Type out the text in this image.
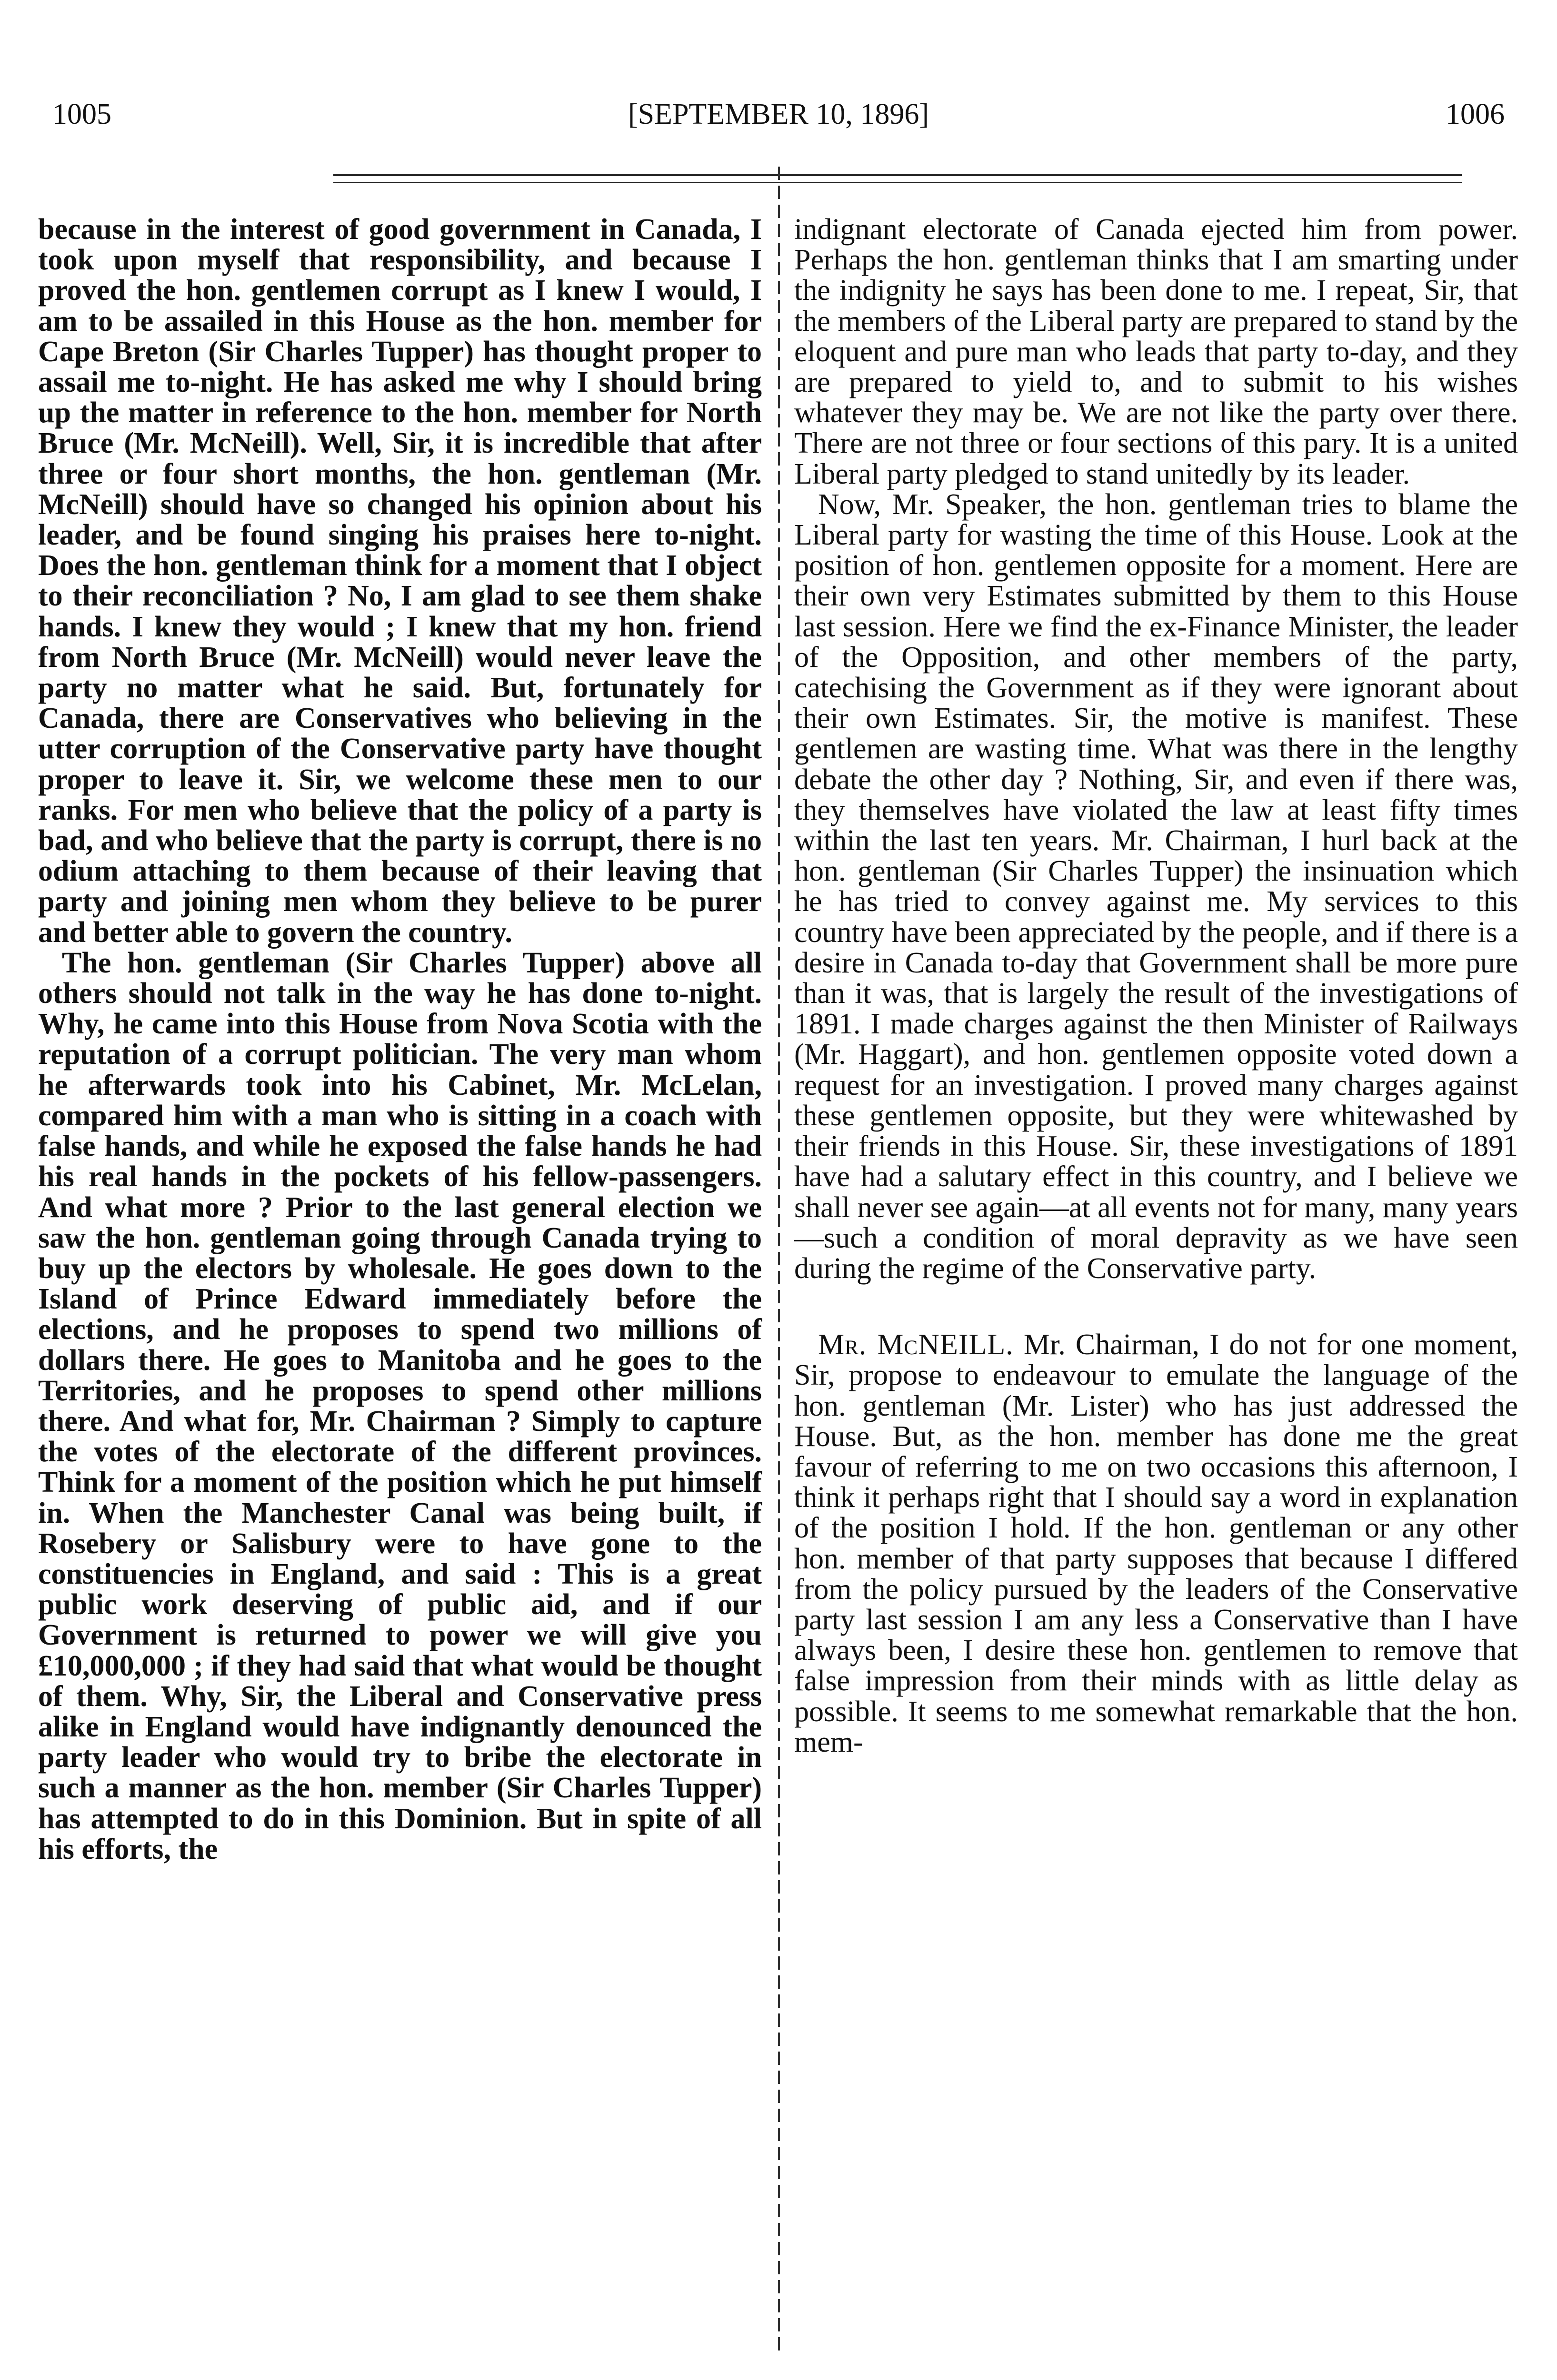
1005	[SEPTEMBER 10, 1896]	1006

because in the interest of good government in Canada, I took upon myself that responsibility, and because I proved the hon. gentlemen corrupt as I knew I would, I am to be assailed in this House as the hon. member for Cape Breton (Sir Charles Tupper) has thought proper to assail me to-night. He has asked me why I should bring up the matter in reference to the hon. member for North Bruce (Mr. McNeill). Well, Sir, it is incredible that after three or four short months, the hon. gentleman (Mr. McNeill) should have so changed his opinion about his leader, and be found singing his praises here to-night. Does the hon. gentleman think for a moment that I object to their reconciliation ? No, I am glad to see them shake hands. I knew they would ; I knew that my hon. friend from North Bruce (Mr. McNeill) would never leave the party no matter what he said. But, fortunately for Canada, there are Conservatives who believing in the utter corruption of the Conservative party have thought proper to leave it. Sir, we welcome these men to our ranks. For men who believe that the policy of a party is bad, and who believe that the party is corrupt, there is no odium attaching to them because of their leaving that party and joining men whom they believe to be purer and better able to govern the country.

The hon. gentleman (Sir Charles Tupper) above all others should not talk in the way he has done to-night. Why, he came into this House from Nova Scotia with the reputation of a corrupt politician. The very man whom he afterwards took into his Cabinet, Mr. McLelan, compared him with a man who is sitting in a coach with false hands, and while he exposed the false hands he had his real hands in the pockets of his fellow-passengers. And what more ? Prior to the last general election we saw the hon. gentleman going through Canada trying to buy up the electors by wholesale. He goes down to the Island of Prince Edward immediately before the elections, and he proposes to spend two millions of dollars there. He goes to Manitoba and he goes to the Territories, and he proposes to spend other millions there. And what for, Mr. Chairman ? Simply to capture the votes of the electorate of the different provinces. Think for a moment of the position which he put himself in. When the Manchester Canal was being built, if Rosebery or Salisbury were to have gone to the constituencies in England, and said : This is a great public work deserving of public aid, and if our Government is returned to power we will give you £10,000,000 ; if they had said that what would be thought of them. Why, Sir, the Liberal and Conservative press alike in England would have indignantly denounced the party leader who would try to bribe the electorate in such a manner as the hon. member (Sir Charles Tupper) has attempted to do in this Dominion. But in spite of all his efforts, the

indignant electorate of Canada ejected him from power. Perhaps the hon. gentleman thinks that I am smarting under the indignity he says has been done to me. I repeat, Sir, that the members of the Liberal party are prepared to stand by the eloquent and pure man who leads that party to-day, and they are prepared to yield to, and to submit to his wishes whatever they may be. We are not like the party over there. There are not three or four sections of this pary. It is a united Liberal party pledged to stand unitedly by its leader.

Now, Mr. Speaker, the hon. gentleman tries to blame the Liberal party for wasting the time of this House. Look at the position of hon. gentlemen opposite for a moment. Here are their own very Estimates submitted by them to this House last session. Here we find the ex-Finance Minister, the leader of the Opposition, and other members of the party, catechising the Government as if they were ignorant about their own Estimates. Sir, the motive is manifest. These gentlemen are wasting time. What was there in the lengthy debate the other day ? Nothing, Sir, and even if there was, they themselves have violated the law at least fifty times within the last ten years. Mr. Chairman, I hurl back at the hon. gentleman (Sir Charles Tupper) the insinuation which he has tried to convey against me. My services to this country have been appreciated by the people, and if there is a desire in Canada to-day that Government shall be more pure than it was, that is largely the result of the investigations of 1891. I made charges against the then Minister of Railways (Mr. Haggart), and hon. gentlemen opposite voted down a request for an investigation. I proved many charges against these gentlemen opposite, but they were whitewashed by their friends in this House. Sir, these investigations of 1891 have had a salutary effect in this country, and I believe we shall never see again—at all events not for many, many years—such a condition of moral depravity as we have seen during the regime of the Conservative party.

Mr. McNEILL. Mr. Chairman, I do not for one moment, Sir, propose to endeavour to emulate the language of the hon. gentleman (Mr. Lister) who has just addressed the House. But, as the hon. member has done me the great favour of referring to me on two occasions this afternoon, I think it perhaps right that I should say a word in explanation of the position I hold. If the hon. gentleman or any other hon. member of that party supposes that because I differed from the policy pursued by the leaders of the Conservative party last session I am any less a Conservative than I have always been, I desire these hon. gentlemen to remove that false impression from their minds with as little delay as possible. It seems to me somewhat remarkable that the hon. mem-
